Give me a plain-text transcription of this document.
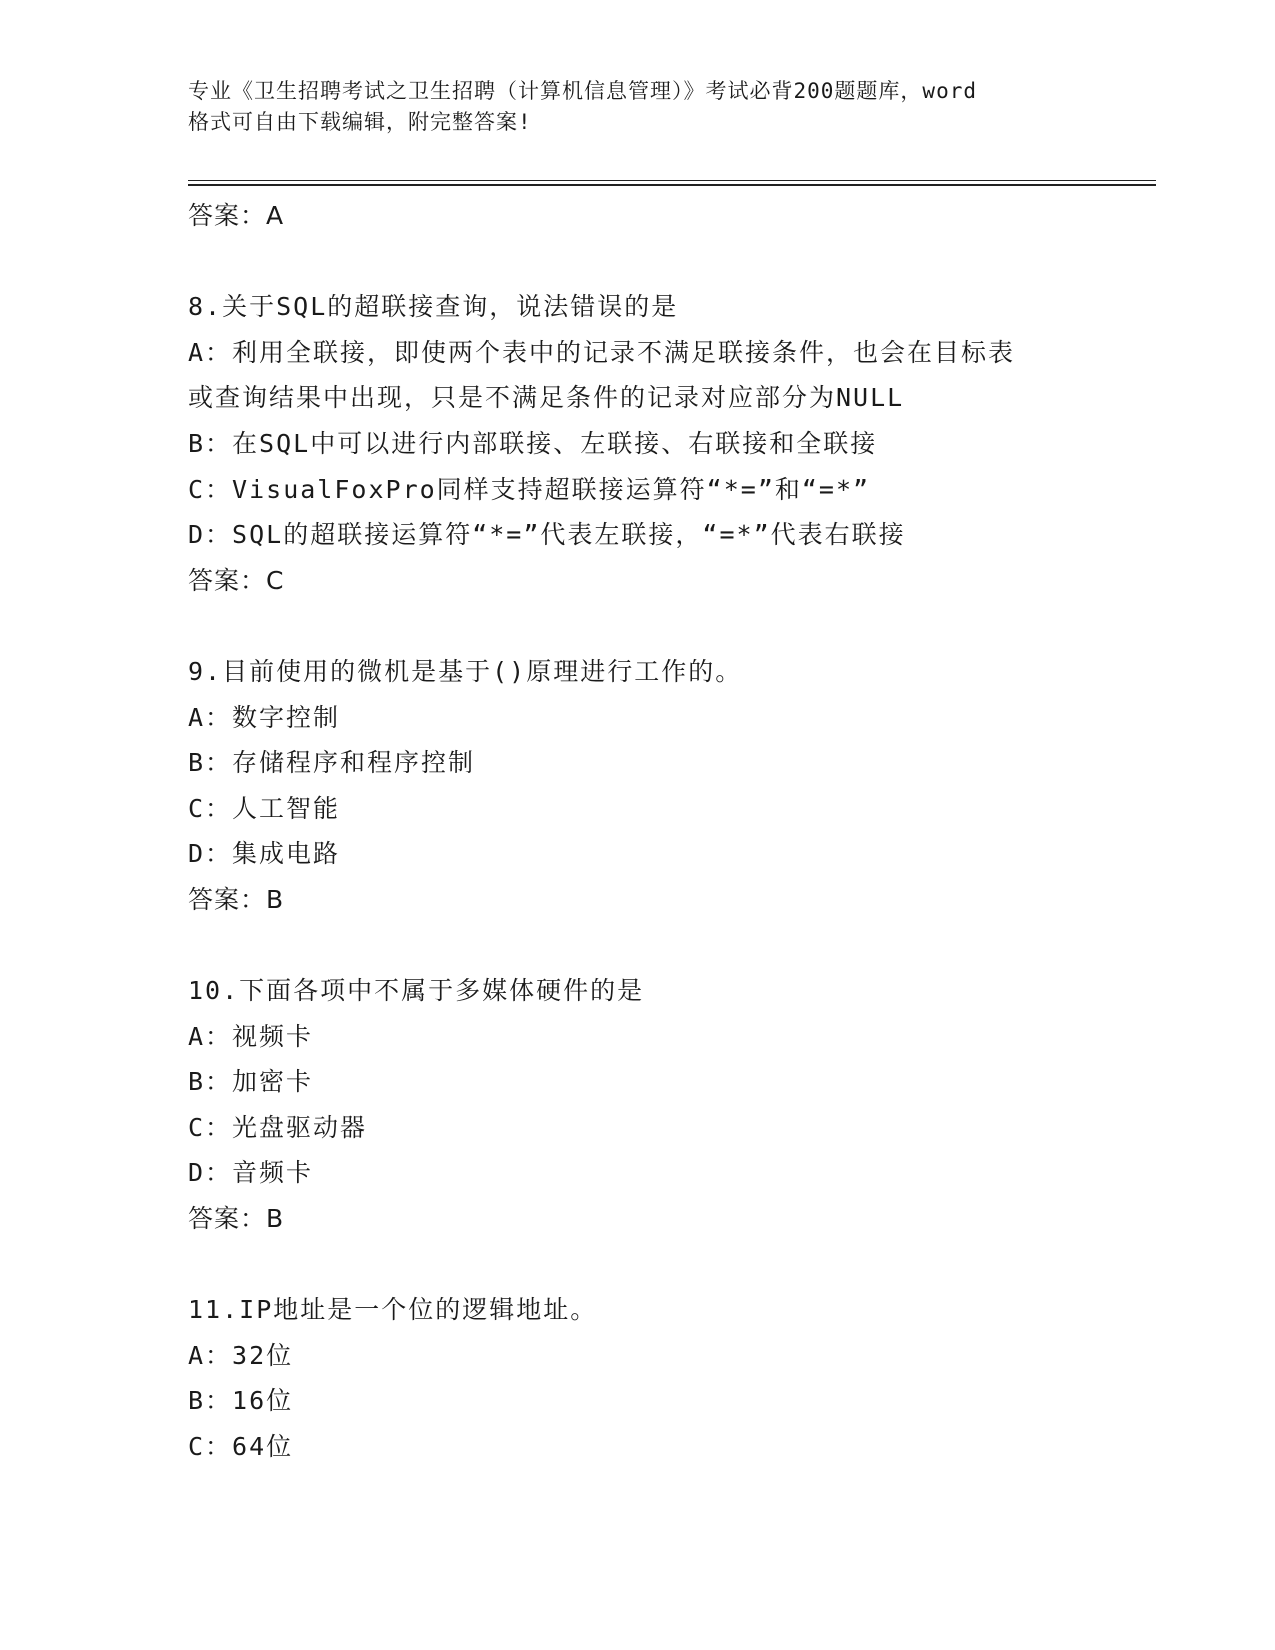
专业《卫生招聘考试之卫生招聘（计算机信息管理）》考试必背200题题库，word
格式可自由下载编辑，附完整答案!
答案：A
8.关于SQL的超联接查询，说法错误的是
A：利用全联接，即使两个表中的记录不满足联接条件，也会在目标表
或查询结果中出现，只是不满足条件的记录对应部分为NULL
B：在SQL中可以进行内部联接、左联接、右联接和全联接
C：VisualFoxPro同样支持超联接运算符“*=”和“=*”
D：SQL的超联接运算符“*=”代表左联接，“=*”代表右联接
答案：C
9.目前使用的微机是基于()原理进行工作的。
A：数字控制
B：存储程序和程序控制
C：人工智能
D：集成电路
答案：B
10.下面各项中不属于多媒体硬件的是
A：视频卡
B：加密卡
C：光盘驱动器
D：音频卡
答案：B
11.IP地址是一个位的逻辑地址。
A：32位
B：16位
C：64位
